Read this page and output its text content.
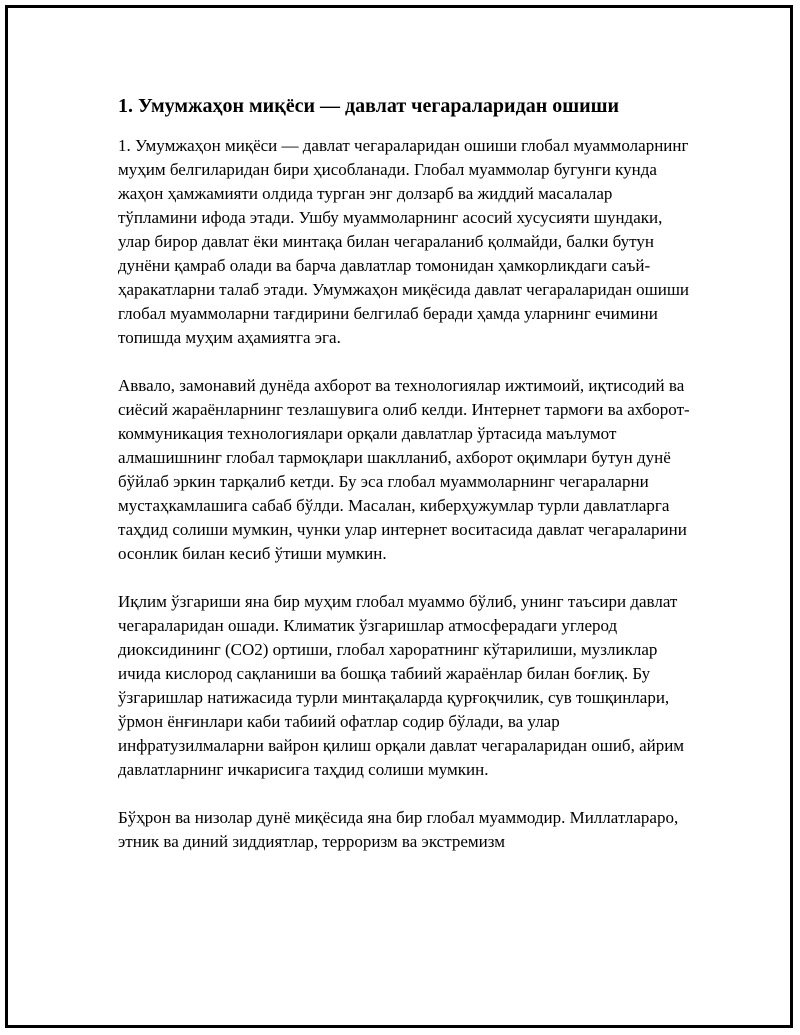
1. Умумжаҳон миқёси — давлат чегараларидан ошиши

1. Умумжаҳон миқёси — давлат чегараларидан ошиши глобал муаммоларнинг муҳим белгиларидан бири ҳисобланади. Глобал муаммолар бугунги кунда жаҳон ҳамжамияти олдида турган энг долзарб ва жиддий масалалар тўпламини ифода этади. Ушбу муаммоларнинг асосий хусусияти шундаки, улар бирор давлат ёки минтақа билан чегараланиб қолмайди, балки бутун дунёни қамраб олади ва барча давлатлар томонидан ҳамкорликдаги саъй-ҳаракатларни талаб этади. Умумжаҳон миқёсида давлат чегараларидан ошиши глобал муаммоларни тағдирини белгилаб беради ҳамда уларнинг ечимини топишда муҳим аҳамиятга эга.

Аввало, замонавий дунёда ахборот ва технологиялар ижтимоий, иқтисодий ва сиёсий жараёнларнинг тезлашувига олиб келди. Интернет тармоғи ва ахборот-коммуникация технологиялари орқали давлатлар ўртасида маълумот алмашишнинг глобал тармоқлари шаклланиб, ахборот оқимлари бутун дунё бўйлаб эркин тарқалиб кетди. Бу эса глобал муаммоларнинг чегараларни мустаҳкамлашига сабаб бўлди. Масалан, киберҳужумлар турли давлатларга таҳдид солиши мумкин, чунки улар интернет воситасида давлат чегараларини осонлик билан кесиб ўтиши мумкин.

Иқлим ўзгариши яна бир муҳим глобал муаммо бўлиб, унинг таъсири давлат чегараларидан ошади. Климатик ўзгаришлар атмосферадаги углерод диоксидининг (CO2) ортиши, глобал хароратнинг кўтарилиши, музликлар ичида кислород сақланиши ва бошқа табиий жараёнлар билан боғлиқ. Бу ўзгаришлар натижасида турли минтақаларда қурғоқчилик, сув тошқинлари, ўрмон ёнғинлари каби табиий офатлар содир бўлади, ва улар инфратузилмаларни вайрон қилиш орқали давлат чегараларидан ошиб, айрим давлатларнинг ичкарисига таҳдид солиши мумкин.

Бўҳрон ва низолар дунё миқёсида яна бир глобал муаммодир. Миллатлараро, этник ва диний зиддиятлар, терроризм ва экстремизм
